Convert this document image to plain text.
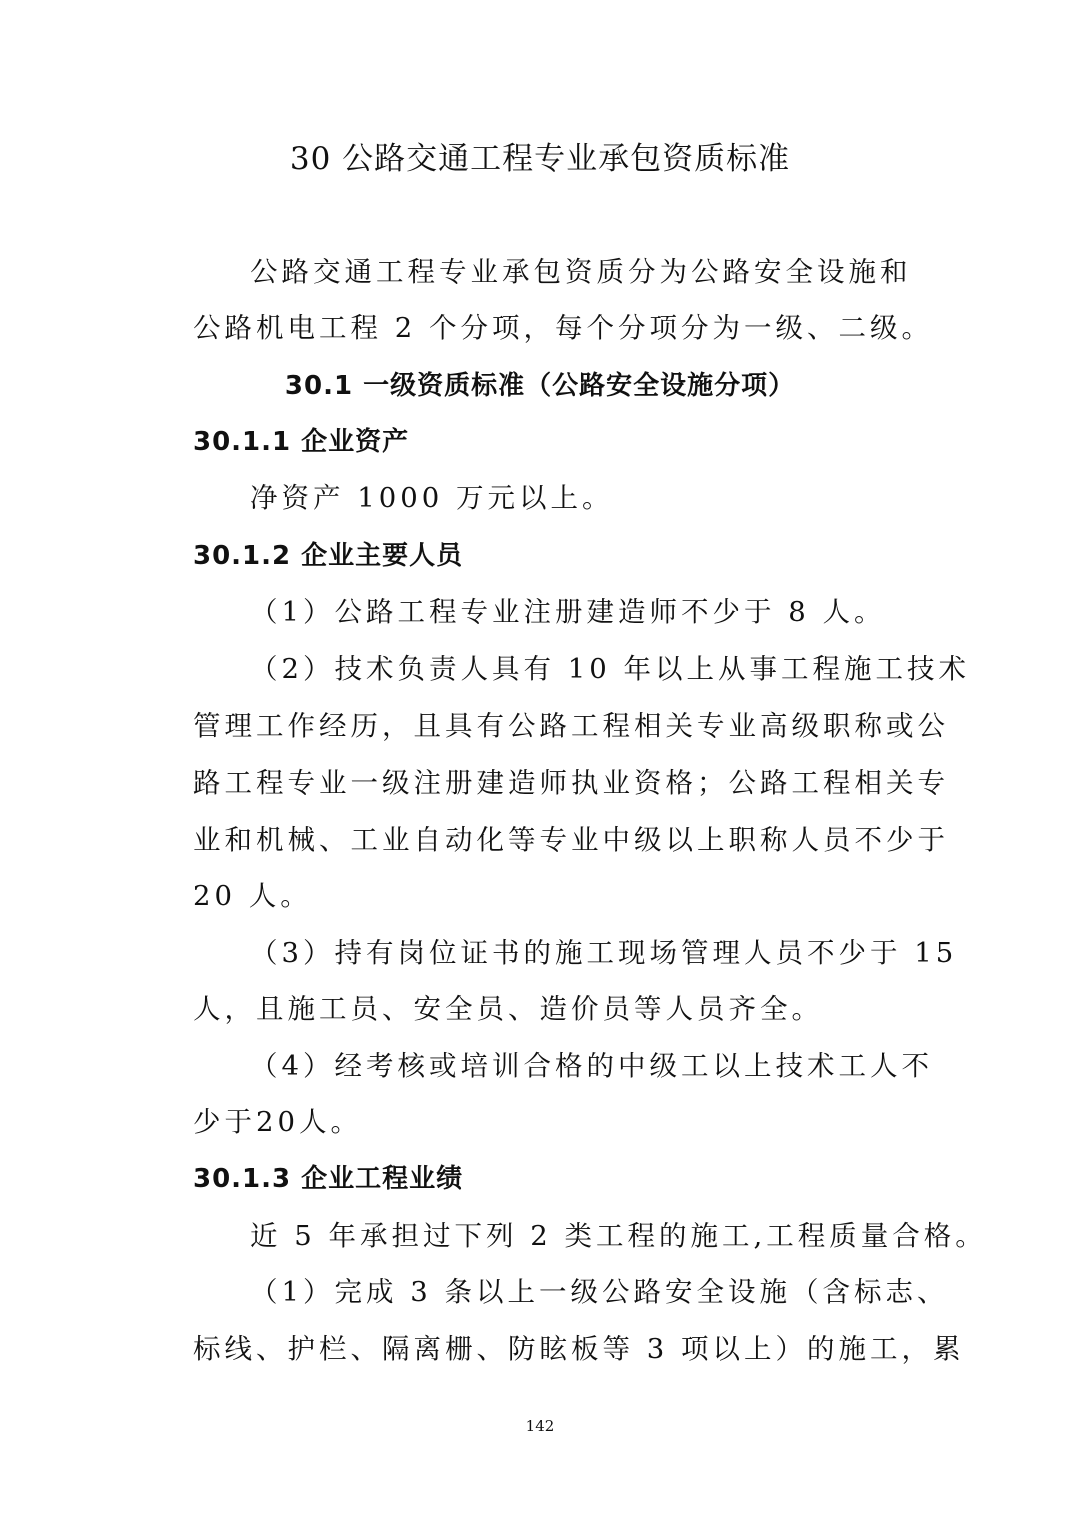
30 公路交通工程专业承包资质标准
公路交通工程专业承包资质分为公路安全设施和
公路机电工程 2 个分项，每个分项分为一级、二级。
30.1 一级资质标准（公路安全设施分项）
30.1.1 企业资产
净资产 1000 万元以上。
30.1.2 企业主要人员
（1）公路工程专业注册建造师不少于 8 人。
（2）技术负责人具有 10 年以上从事工程施工技术
管理工作经历，且具有公路工程相关专业高级职称或公
路工程专业一级注册建造师执业资格；公路工程相关专
业和机械、工业自动化等专业中级以上职称人员不少于
20 人。
（3）持有岗位证书的施工现场管理人员不少于 15
人，且施工员、安全员、造价员等人员齐全。
（4）经考核或培训合格的中级工以上技术工人不
少于20人。
30.1.3 企业工程业绩
近 5 年承担过下列 2 类工程的施工,工程质量合格。
（1）完成 3 条以上一级公路安全设施（含标志、
标线、护栏、隔离栅、防眩板等 3 项以上）的施工，累
142
